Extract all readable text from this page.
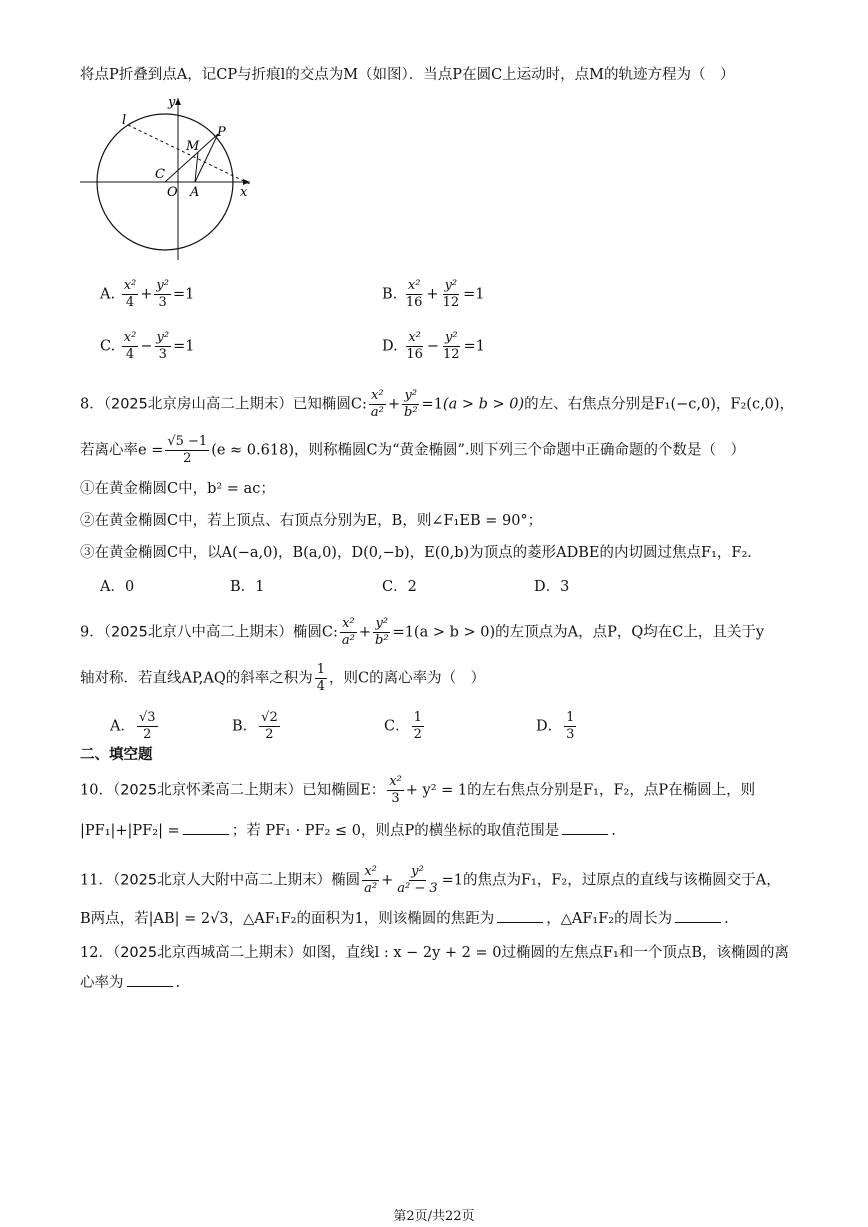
将点P折叠到点A，记CP与折痕l的交点为M（如图）．当点P在圆C上运动时，点M的轨迹方程为（　）
y
x
l
P
M
C
O A
A. $\frac{\text{x²}}{4} + \frac{\text{y²}}{3} =1$	B. $\frac{\text{x²}}{16} + \frac{\text{y²}}{12} =1$
C. $\frac{\text{x²}}{4} - \frac{\text{y²}}{3} =1$	D. $\frac{\text{x²}}{16} - \frac{\text{y²}}{12} =1$
8．（2025北京房山高二上期末）已知椭圆C: $\frac{\text{x²}}{\text{a²}} + \frac{\text{y²}}{\text{b²}} =1(a > b > 0)$的左、右焦点分别是F₁(−c,0)，F₂(c,0)，
若离心率$e = \frac{√5 -1}{2} (e \approx 0.618)$，则称椭圆C为“黄金椭圆”.则下列三个命题中正确命题的个数是（　）
①在黄金椭圆C中，b² = ac；
②在黄金椭圆C中，若上顶点、右顶点分别为E，B，则∠F₁EB = 90°；
③在黄金椭圆C中，以A(−a,0)，B(a,0)，D(0,−b)，E(0,b)为顶点的菱形ADBE的内切圆过焦点F₁，F₂．
A．0	B．1	C．2	D．3
9．（2025北京八中高二上期末）椭圆C: $\frac{\text{x²}}{\text{a²}} + \frac{\text{y²}}{\text{b²}} =1(a > b > 0)$的左顶点为A，点P，Q均在C上，且关于y
轴对称．若直线AP,AQ的斜率之积为 $\frac{1}{4}$ ，则C的离心率为（　）
A． $\frac{√3}{2}$	B． $\frac{√2}{2}$	C． $\frac{1}{2}$	D． $\frac{1}{3}$
二、填空题
10．（2025北京怀柔高二上期末）已知椭圆E： $\frac{\text{x²}}{3} + y^2 = 1$的左右焦点分别是F₁，F₂，点P在椭圆上，则
|PF₁|+|PF₂| =	；若 PF₁ · PF₂ ≤ 0，则点P的横坐标的取值范围是	.
11．（2025北京人大附中高二上期末）椭圆 $\frac{\text{x²}}{\text{a²}} + \frac{\text{y²}}{\text{a² − 3}} =1$的焦点为F₁，F₂，过原点的直线与该椭圆交于A，
B两点，若|AB| = 2√3，△AF₁F₂的面积为1，则该椭圆的焦距为	，△AF₁F₂的周长为	.
12．（2025北京西城高二上期末）如图，直线l : x − 2y + 2 = 0过椭圆的左焦点F₁和一个顶点B，该椭圆的离
心率为	.
第2页/共22页
